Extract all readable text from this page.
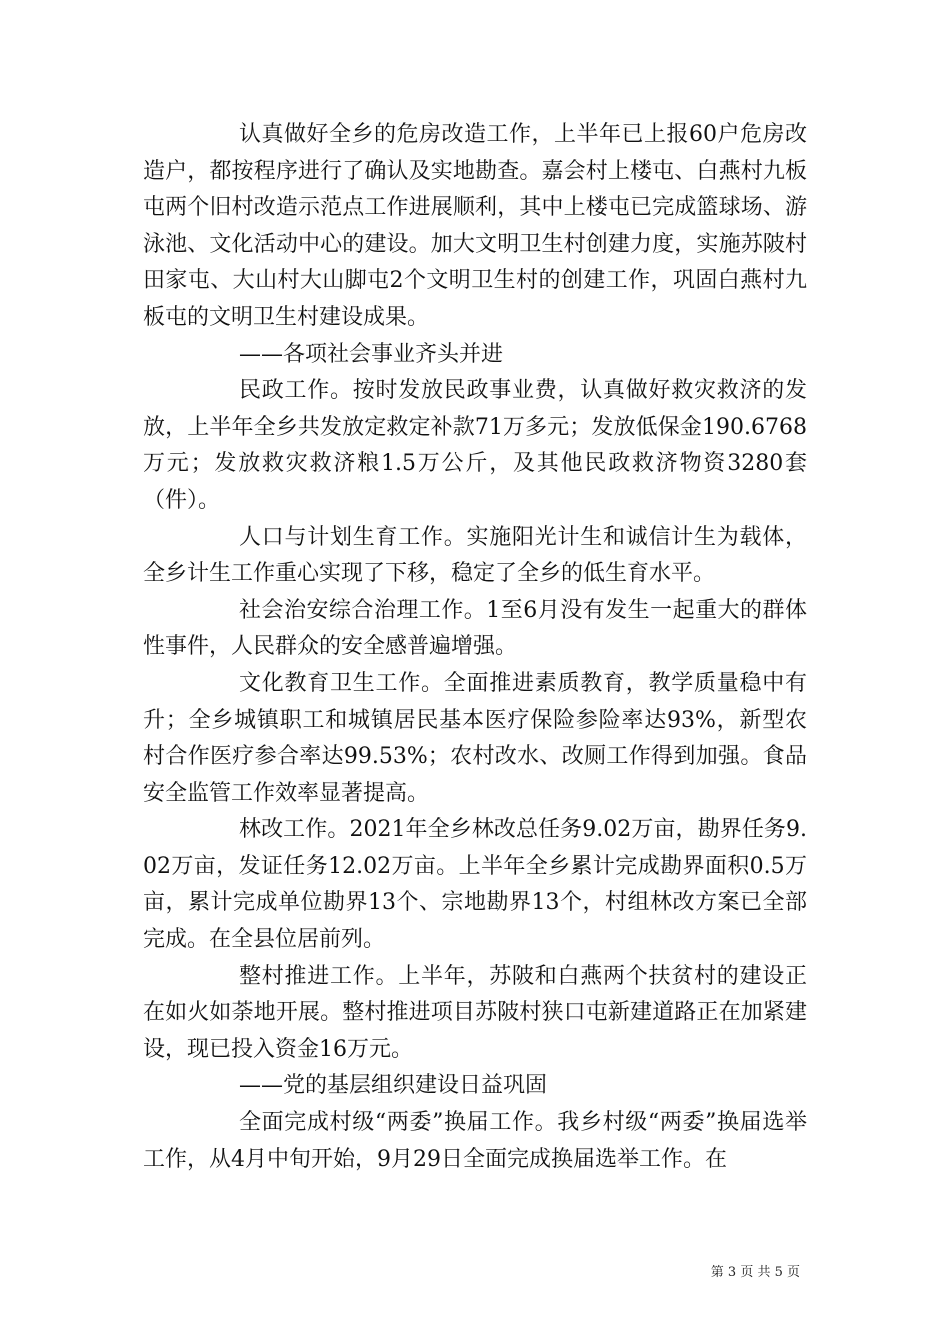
认真做好全乡的危房改造工作，上半年已上报60户危房改造户，都按程序进行了确认及实地勘查。嘉会村上楼屯、白燕村九板屯两个旧村改造示范点工作进展顺利，其中上楼屯已完成篮球场、游泳池、文化活动中心的建设。加大文明卫生村创建力度，实施苏陂村田家屯、大山村大山脚屯2个文明卫生村的创建工作，巩固白燕村九板屯的文明卫生村建设成果。

——各项社会事业齐头并进

民政工作。按时发放民政事业费，认真做好救灾救济的发放，上半年全乡共发放定救定补款71万多元；发放低保金190.6768万元；发放救灾救济粮1.5万公斤，及其他民政救济物资3280套（件）。

人口与计划生育工作。实施阳光计生和诚信计生为载体，全乡计生工作重心实现了下移，稳定了全乡的低生育水平。

社会治安综合治理工作。1至6月没有发生一起重大的群体性事件，人民群众的安全感普遍增强。

文化教育卫生工作。全面推进素质教育，教学质量稳中有升；全乡城镇职工和城镇居民基本医疗保险参险率达93%，新型农村合作医疗参合率达99.53%；农村改水、改厕工作得到加强。食品安全监管工作效率显著提高。

林改工作。2021年全乡林改总任务9.02万亩，勘界任务9.02万亩，发证任务12.02万亩。上半年全乡累计完成勘界面积0.5万亩，累计完成单位勘界13个、宗地勘界13个，村组林改方案已全部完成。在全县位居前列。

整村推进工作。上半年，苏陂和白燕两个扶贫村的建设正在如火如荼地开展。整村推进项目苏陂村狭口屯新建道路正在加紧建设，现已投入资金16万元。

——党的基层组织建设日益巩固

全面完成村级“两委”换届工作。我乡村级“两委”换届选举工作，从4月中旬开始，9月29日全面完成换届选举工作。在

第 3 页 共 5 页
